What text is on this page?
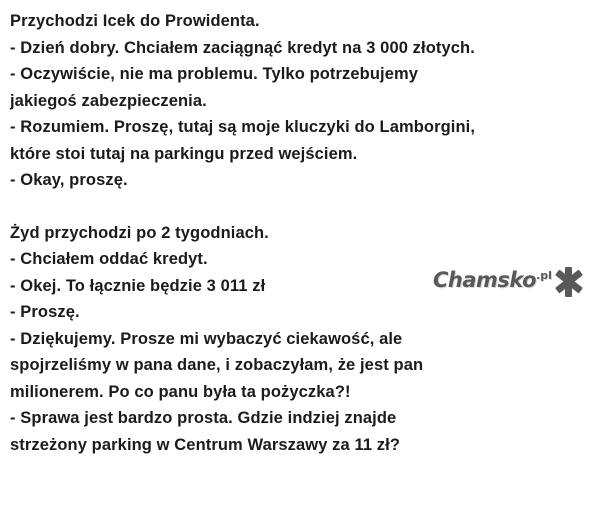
Przychodzi Icek do Prowidenta.
- Dzień dobry. Chciałem zaciągnąć kredyt na 3 000 złotych.
- Oczywiście, nie ma problemu. Tylko potrzebujemy
jakiegoś zabezpieczenia.
- Rozumiem. Proszę, tutaj są moje kluczyki do Lamborgini,
które stoi tutaj na parkingu przed wejściem.
- Okay, proszę.
Żyd przychodzi po 2 tygodniach.
- Chciałem oddać kredyt.
- Okej. To łącznie będzie 3 011 zł
- Proszę.
- Dziękujemy. Prosze mi wybaczyć ciekawość, ale
spojrzeliśmy w pana dane, i zobaczyłam, że jest pan
milionerem. Po co panu była ta pożyczka?!
- Sprawa jest bardzo prosta. Gdzie indziej znajde
strzeżony parking w Centrum Warszawy za 11 zł?
Chamsko$^{.pl}$
